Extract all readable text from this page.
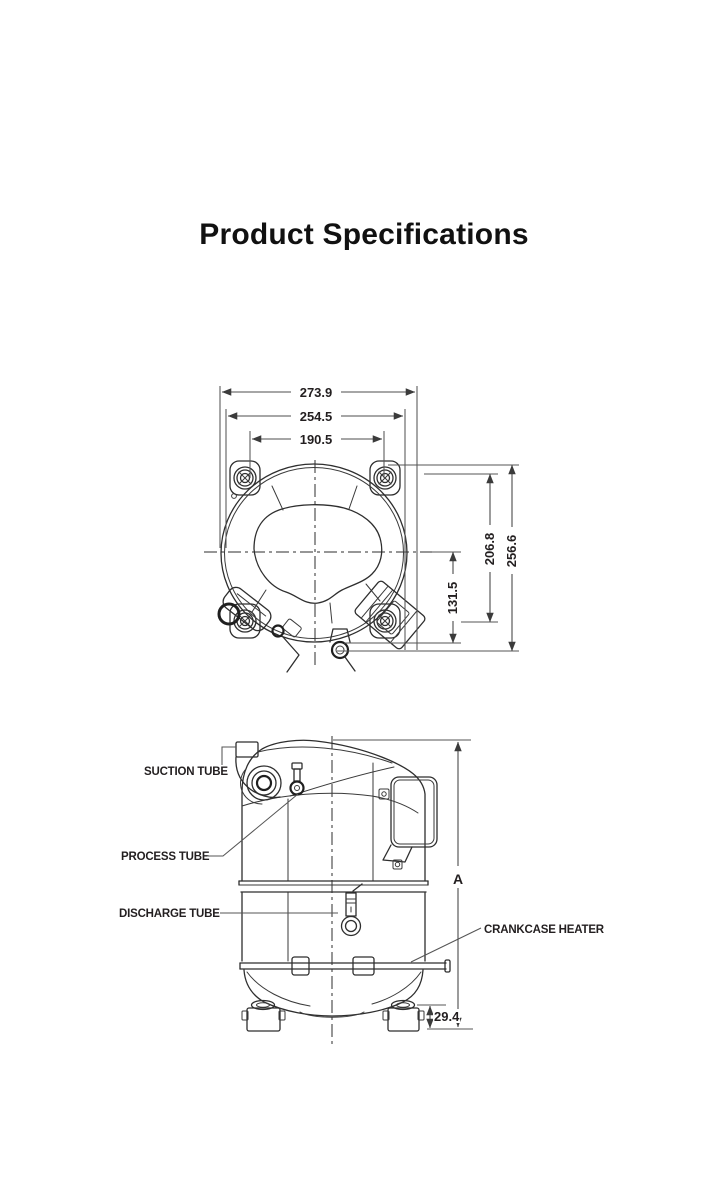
Product Specifications
273.9
254.5
190.5
131.5
206.8 256.6
SUCTION TUBE
PROCESS TUBE
DISCHARGE TUBE
CRANKCASE HEATER
A
29.4
